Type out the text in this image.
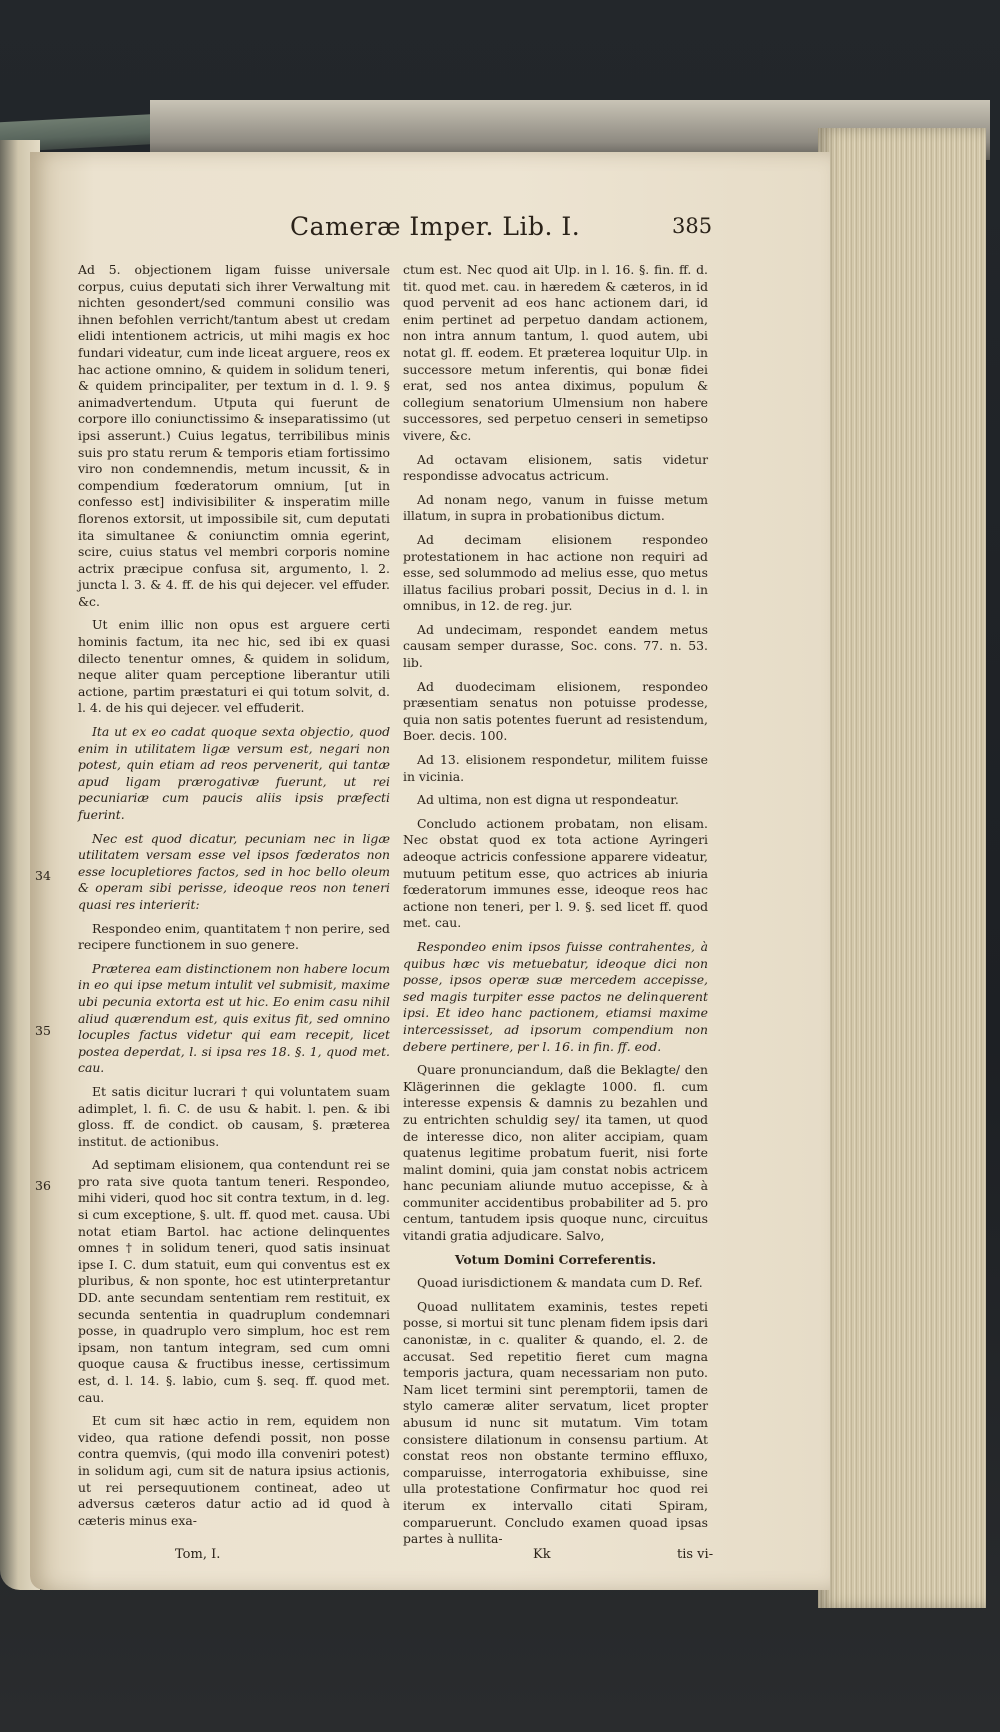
Cameræ Imper. Lib. I.	385
34
35
36

Ad 5. objectionem ligam fuisse universale corpus, cuius deputati sich ihrer Verwaltung mit nichten gesondert/sed communi consilio was ihnen befohlen verricht/tantum abest ut credam elidi intentionem actricis, ut mihi magis ex hoc fundari videatur, cum inde liceat arguere, reos ex hac actione omnino, & quidem in solidum teneri, & quidem principaliter, per textum in d. l. 9. § animadvertendum. Utputa qui fuerunt de corpore illo coniunctissimo & inseparatissimo (ut ipsi asserunt.) Cuius legatus, terribilibus minis suis pro statu rerum & temporis etiam fortissimo viro non condemnendis, metum incussit, & in compendium fœderatorum omnium, [ut in confesso est] indivisibiliter & insperatim mille florenos extorsit, ut impossibile sit, cum deputati ita simultanee & coniunctim omnia egerint, scire, cuius status vel membri corporis nomine actrix præcipue confusa sit, argumento, l. 2. juncta l. 3. & 4. ff. de his qui dejecer. vel effuder. &c.

Ut enim illic non opus est arguere certi hominis factum, ita nec hic, sed ibi ex quasi dilecto tenentur omnes, & quidem in solidum, neque aliter quam perceptione liberantur utili actione, partim præstaturi ei qui totum solvit, d. l. 4. de his qui dejecer. vel effuderit.

Ita ut ex eo cadat quoque sexta objectio, quod enim in utilitatem ligæ versum est, negari non potest, quin etiam ad reos pervenerit, qui tantæ apud ligam prærogativæ fuerunt, ut rei pecuniariæ cum paucis aliis ipsis præfecti fuerint.

Nec est quod dicatur, pecuniam nec in ligæ utilitatem versam esse vel ipsos fœderatos non esse locupletiores factos, sed in hoc bello oleum & operam sibi perisse, ideoque reos non teneri quasi res interierit:

Respondeo enim, quantitatem † non perire, sed recipere functionem in suo genere.

Præterea eam distinctionem non habere locum in eo qui ipse metum intulit vel submisit, maxime ubi pecunia extorta est ut hic. Eo enim casu nihil aliud quærendum est, quis exitus fit, sed omnino locuples factus videtur qui eam recepit, licet postea deperdat, l. si ipsa res 18. §. 1, quod met. cau.

Et satis dicitur lucrari † qui voluntatem suam adimplet, l. fi. C. de usu & habit. l. pen. & ibi gloss. ff. de condict. ob causam, §. præterea institut. de actionibus.

Ad septimam elisionem, qua contendunt rei se pro rata sive quota tantum teneri. Respondeo, mihi videri, quod hoc sit contra textum, in d. leg. si cum exceptione, §. ult. ff. quod met. causa. Ubi notat etiam Bartol. hac actione delinquentes omnes † in solidum teneri, quod satis insinuat ipse I. C. dum statuit, eum qui conventus est ex pluribus, & non sponte, hoc est utinterpretantur DD. ante secundam sententiam rem restituit, ex secunda sententia in quadruplum condemnari posse, in quadruplo vero simplum, hoc est rem ipsam, non tantum integram, sed cum omni quoque causa & fructibus inesse, certissimum est, d. l. 14. §. labio, cum §. seq. ff. quod met. cau.

Et cum sit hæc actio in rem, equidem non video, qua ratione defendi possit, non posse contra quemvis, (qui modo illa conveniri potest) in solidum agi, cum sit de natura ipsius actionis, ut rei persequutionem contineat, adeo ut adversus cæteros datur actio ad id quod à cæteris minus exa-

ctum est. Nec quod ait Ulp. in l. 16. §. fin. ff. d. tit. quod met. cau. in hæredem & cæteros, in id quod pervenit ad eos hanc actionem dari, id enim pertinet ad perpetuo dandam actionem, non intra annum tantum, l. quod autem, ubi notat gl. ff. eodem. Et præterea loquitur Ulp. in successore metum inferentis, qui bonæ fidei erat, sed nos antea diximus, populum & collegium senatorium Ulmensium non habere successores, sed perpetuo censeri in semetipso vivere, &c.

Ad octavam elisionem, satis videtur respondisse advocatus actricum.

Ad nonam nego, vanum in fuisse metum illatum, in supra in probationibus dictum.

Ad decimam elisionem respondeo protestationem in hac actione non requiri ad esse, sed solummodo ad melius esse, quo metus illatus facilius probari possit, Decius in d. l. in omnibus, in 12. de reg. jur.

Ad undecimam, respondet eandem metus causam semper durasse, Soc. cons. 77. n. 53. lib.

Ad duodecimam elisionem, respondeo præsentiam senatus non potuisse prodesse, quia non satis potentes fuerunt ad resistendum, Boer. decis. 100.

Ad 13. elisionem respondetur, militem fuisse in vicinia.

Ad ultima, non est digna ut respondeatur.

Concludo actionem probatam, non elisam. Nec obstat quod ex tota actione Ayringeri adeoque actricis confessione apparere videatur, mutuum petitum esse, quo actrices ab iniuria fœderatorum immunes esse, ideoque reos hac actione non teneri, per l. 9. §. sed licet ff. quod met. cau.

Respondeo enim ipsos fuisse contrahentes, à quibus hæc vis metuebatur, ideoque dici non posse, ipsos operæ suæ mercedem accepisse, sed magis turpiter esse pactos ne delinquerent ipsi. Et ideo hanc pactionem, etiamsi maxime intercessisset, ad ipsorum compendium non debere pertinere, per l. 16. in fin. ff. eod.

Quare pronunciandum, daß die Beklagte/ den Klägerinnen die geklagte 1000. fl. cum interesse expensis & damnis zu bezahlen und zu entrichten schuldig sey/ ita tamen, ut quod de interesse dico, non aliter accipiam, quam quatenus legitime probatum fuerit, nisi forte malint domini, quia jam constat nobis actricem hanc pecuniam aliunde mutuo accepisse, & à communiter accidentibus probabiliter ad 5. pro centum, tantudem ipsis quoque nunc, circuitus vitandi gratia adjudicare. Salvo,

Votum Domini Correferentis.

Quoad iurisdictionem & mandata cum D. Ref.

Quoad nullitatem examinis, testes repeti posse, si mortui sit tunc plenam fidem ipsis dari canonistæ, in c. qualiter & quando, el. 2. de accusat. Sed repetitio fieret cum magna temporis jactura, quam necessariam non puto. Nam licet termini sint peremptorii, tamen de stylo cameræ aliter servatum, licet propter abusum id nunc sit mutatum. Vim totam consistere dilationum in consensu partium. At constat reos non obstante termino effluxo, comparuisse, interrogatoria exhibuisse, sine ulla protestatione Confirmatur hoc quod rei iterum ex intervallo citati Spiram, comparuerunt. Concludo examen quoad ipsas partes à nullita-

Tom, I.	Kk	tis vi-
